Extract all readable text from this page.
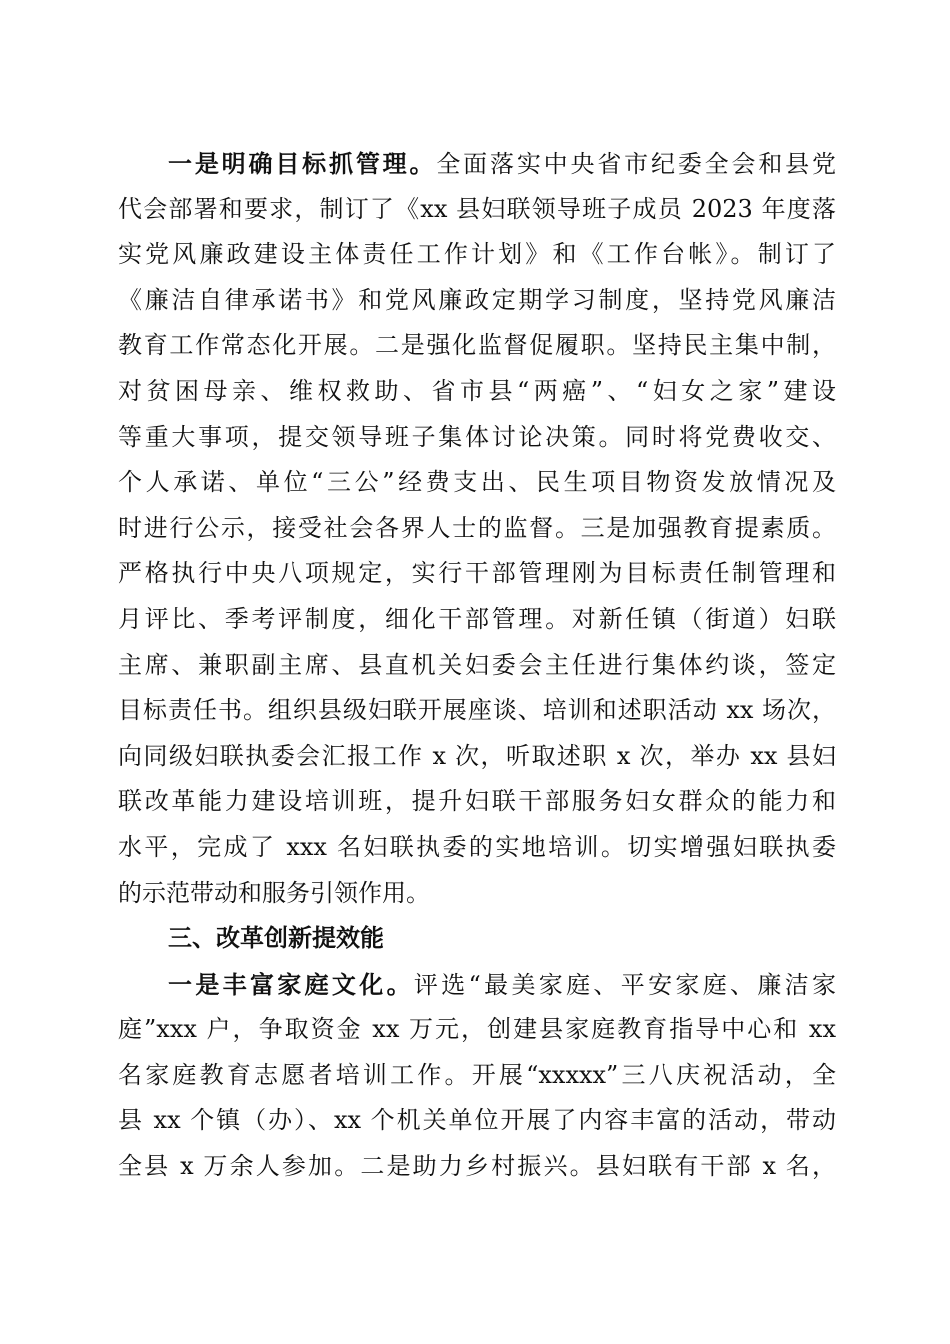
一是明确目标抓管理。全面落实中央省市纪委全会和县党
代会部署和要求，制订了《xx 县妇联领导班子成员 2023 年度落
实党风廉政建设主体责任工作计划》和《工作台帐》。制订了
《廉洁自律承诺书》和党风廉政定期学习制度，坚持党风廉洁
教育工作常态化开展。二是强化监督促履职。坚持民主集中制，
对贫困母亲、维权救助、省市县“两癌”、“妇女之家”建设
等重大事项，提交领导班子集体讨论决策。同时将党费收交、
个人承诺、单位“三公”经费支出、民生项目物资发放情况及
时进行公示，接受社会各界人士的监督。三是加强教育提素质。
严格执行中央八项规定，实行干部管理刚为目标责任制管理和
月评比、季考评制度，细化干部管理。对新任镇（街道）妇联
主席、兼职副主席、县直机关妇委会主任进行集体约谈，签定
目标责任书。组织县级妇联开展座谈、培训和述职活动 xx 场次，
向同级妇联执委会汇报工作 x 次，听取述职 x 次，举办 xx 县妇
联改革能力建设培训班，提升妇联干部服务妇女群众的能力和
水平，完成了 xxx 名妇联执委的实地培训。切实增强妇联执委
的示范带动和服务引领作用。
三、改革创新提效能
一是丰富家庭文化。评选“最美家庭、平安家庭、廉洁家
庭”xxx 户，争取资金 xx 万元，创建县家庭教育指导中心和 xx
名家庭教育志愿者培训工作。开展“xxxxx”三八庆祝活动，全
县 xx 个镇（办）、xx 个机关单位开展了内容丰富的活动，带动
全县 x 万余人参加。二是助力乡村振兴。县妇联有干部 x 名，
